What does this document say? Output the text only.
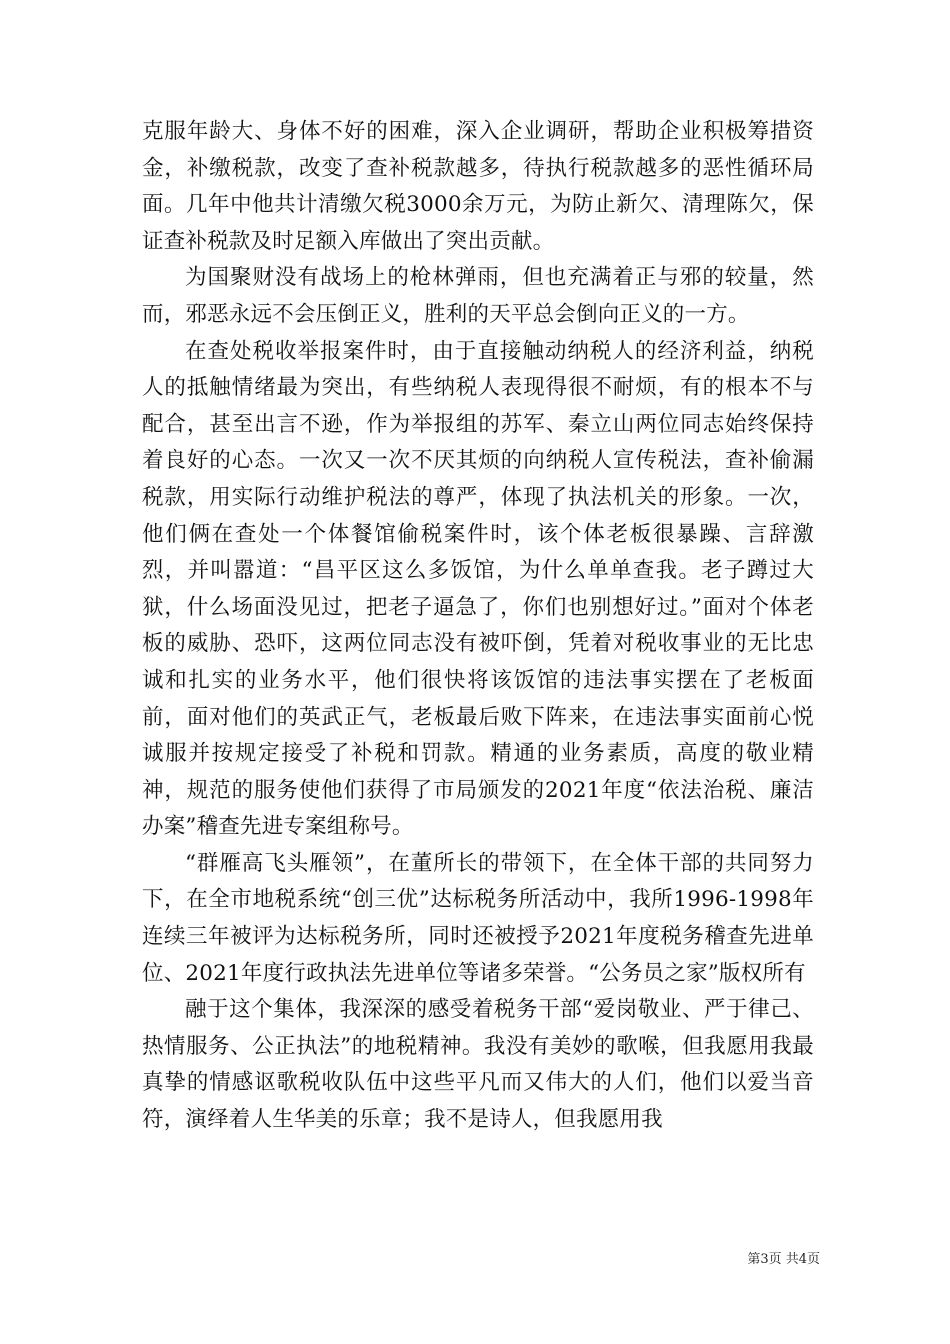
克服年龄大、身体不好的困难，深入企业调研，帮助企业积极筹措资金，补缴税款，改变了查补税款越多，待执行税款越多的恶性循环局面。几年中他共计清缴欠税3000余万元，为防止新欠、清理陈欠，保证查补税款及时足额入库做出了突出贡献。

为国聚财没有战场上的枪林弹雨，但也充满着正与邪的较量，然而，邪恶永远不会压倒正义，胜利的天平总会倒向正义的一方。

在查处税收举报案件时，由于直接触动纳税人的经济利益，纳税人的抵触情绪最为突出，有些纳税人表现得很不耐烦，有的根本不与配合，甚至出言不逊，作为举报组的苏军、秦立山两位同志始终保持着良好的心态。一次又一次不厌其烦的向纳税人宣传税法，查补偷漏税款，用实际行动维护税法的尊严，体现了执法机关的形象。一次，他们俩在查处一个体餐馆偷税案件时，该个体老板很暴躁、言辞激烈，并叫嚣道：“昌平区这么多饭馆，为什么单单查我。老子蹲过大狱，什么场面没见过，把老子逼急了，你们也别想好过。”面对个体老板的威胁、恐吓，这两位同志没有被吓倒，凭着对税收事业的无比忠诚和扎实的业务水平，他们很快将该饭馆的违法事实摆在了老板面前，面对他们的英武正气，老板最后败下阵来，在违法事实面前心悦诚服并按规定接受了补税和罚款。精通的业务素质，高度的敬业精神，规范的服务使他们获得了市局颁发的2021年度“依法治税、廉洁办案”稽查先进专案组称号。

“群雁高飞头雁领”，在董所长的带领下，在全体干部的共同努力下，在全市地税系统“创三优”达标税务所活动中，我所1996-1998年连续三年被评为达标税务所，同时还被授予2021年度税务稽查先进单位、2021年度行政执法先进单位等诸多荣誉。“公务员之家”版权所有

融于这个集体，我深深的感受着税务干部“爱岗敬业、严于律己、热情服务、公正执法”的地税精神。我没有美妙的歌喉，但我愿用我最真挚的情感讴歌税收队伍中这些平凡而又伟大的人们，他们以爱当音符，演绎着人生华美的乐章；我不是诗人，但我愿用我

第3页 共4页
